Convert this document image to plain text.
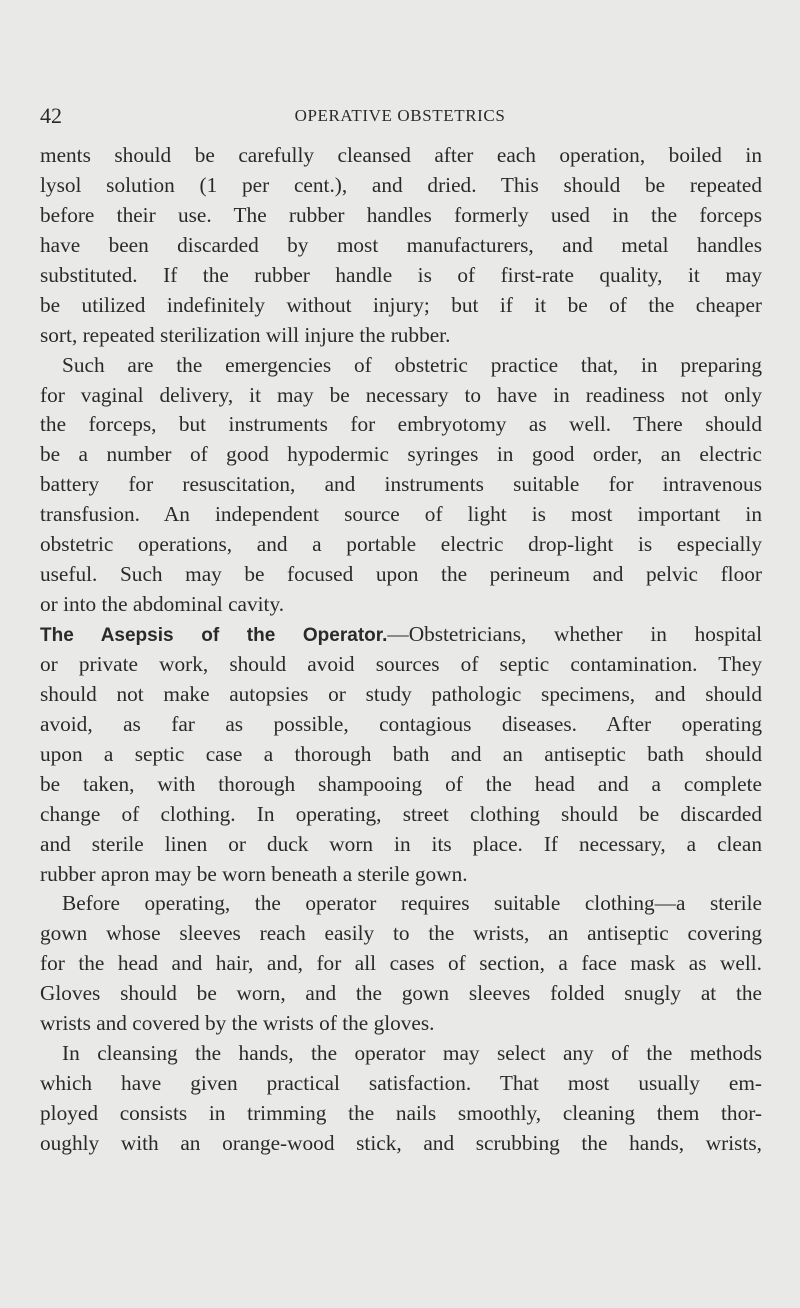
42	OPERATIVE OBSTETRICS
ments should be carefully cleansed after each operation, boiled in
lysol solution (1 per cent.), and dried. This should be repeated
before their use. The rubber handles formerly used in the forceps
have been discarded by most manufacturers, and metal handles
substituted. If the rubber handle is of first-rate quality, it may
be utilized indefinitely without injury; but if it be of the cheaper
sort, repeated sterilization will injure the rubber.
Such are the emergencies of obstetric practice that, in preparing
for vaginal delivery, it may be necessary to have in readiness not only
the forceps, but instruments for embryotomy as well. There should
be a number of good hypodermic syringes in good order, an electric
battery for resuscitation, and instruments suitable for intravenous
transfusion. An independent source of light is most important in
obstetric operations, and a portable electric drop-light is especially
useful. Such may be focused upon the perineum and pelvic floor
or into the abdominal cavity.
The Asepsis of the Operator.—Obstetricians, whether in hospital
or private work, should avoid sources of septic contamination. They
should not make autopsies or study pathologic specimens, and should
avoid, as far as possible, contagious diseases. After operating
upon a septic case a thorough bath and an antiseptic bath should
be taken, with thorough shampooing of the head and a complete
change of clothing. In operating, street clothing should be discarded
and sterile linen or duck worn in its place. If necessary, a clean
rubber apron may be worn beneath a sterile gown.
Before operating, the operator requires suitable clothing—a sterile
gown whose sleeves reach easily to the wrists, an antiseptic covering
for the head and hair, and, for all cases of section, a face mask as well.
Gloves should be worn, and the gown sleeves folded snugly at the
wrists and covered by the wrists of the gloves.
In cleansing the hands, the operator may select any of the methods
which have given practical satisfaction. That most usually em-
ployed consists in trimming the nails smoothly, cleaning them thor-
oughly with an orange-wood stick, and scrubbing the hands, wrists,
